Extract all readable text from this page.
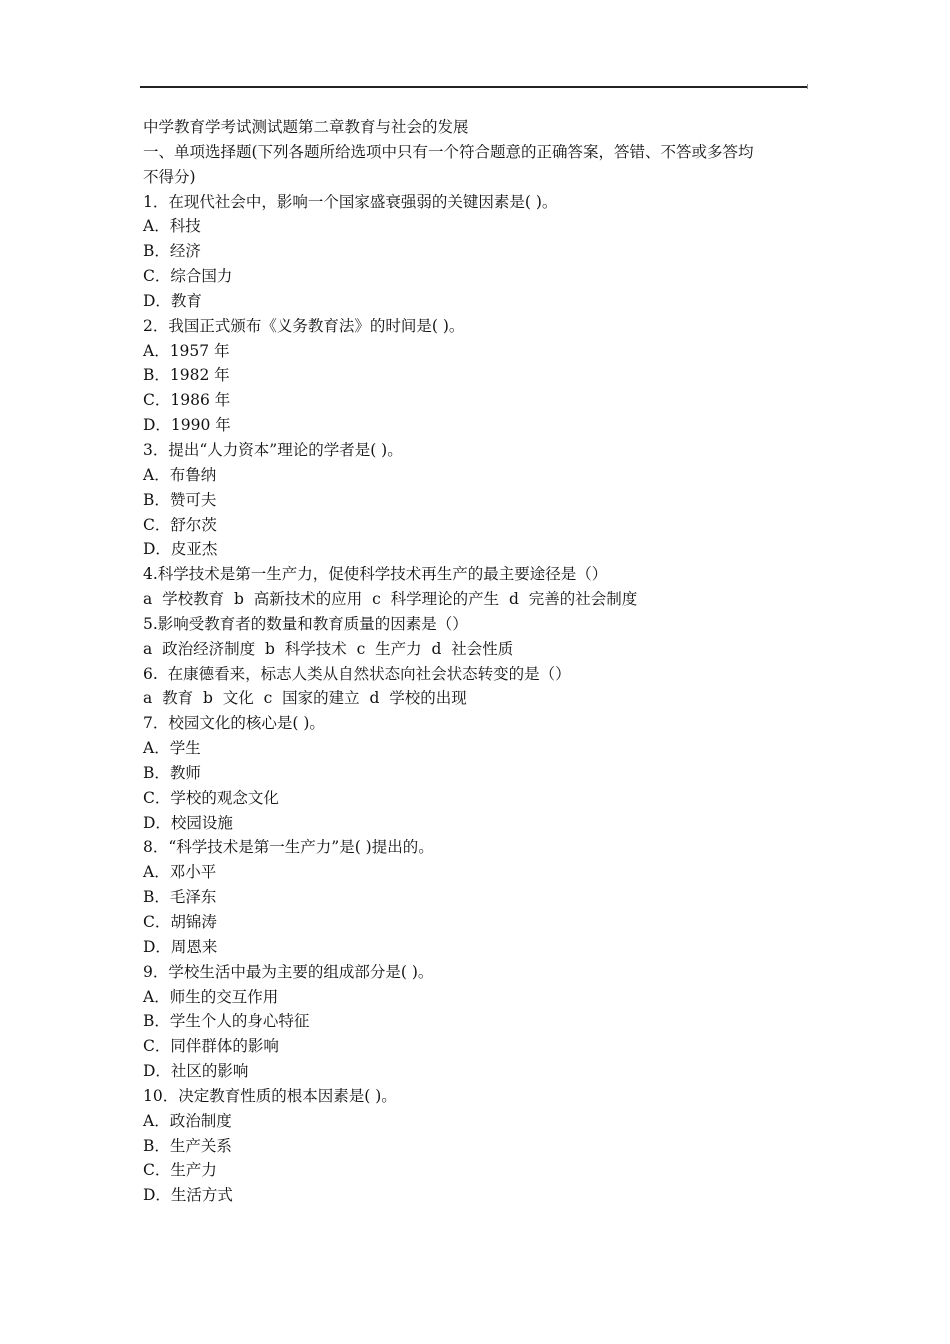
中学教育学考试测试题第二章教育与社会的发展

一、单项选择题(下列各题所给选项中只有一个符合题意的正确答案，答错、不答或多答均

不得分)

1．在现代社会中，影响一个国家盛衰强弱的关键因素是( )。

A．科技

B．经济

C．综合国力

D．教育

2．我国正式颁布《义务教育法》的时间是( )。

A．1957 年

B．1982 年

C．1986 年

D．1990 年

3．提出“人力资本”理论的学者是( )。

A．布鲁纳

B．赞可夫

C．舒尔茨

D．皮亚杰

4.科学技术是第一生产力，促使科学技术再生产的最主要途径是（）

a  学校教育  b  高新技术的应用  c  科学理论的产生  d  完善的社会制度

5.影响受教育者的数量和教育质量的因素是（）

a  政治经济制度  b  科学技术  c  生产力  d  社会性质

6.  在康德看来，标志人类从自然状态向社会状态转变的是（）

a  教育  b  文化  c  国家的建立  d  学校的出现

7．校园文化的核心是( )。

A．学生

B．教师

C．学校的观念文化

D．校园设施

8．“科学技术是第一生产力”是( )提出的。

A．邓小平

B．毛泽东

C．胡锦涛

D．周恩来

9．学校生活中最为主要的组成部分是( )。

A．师生的交互作用

B．学生个人的身心特征

C．同伴群体的影响

D．社区的影响

10．决定教育性质的根本因素是( )。

A．政治制度

B．生产关系

C．生产力

D．生活方式
